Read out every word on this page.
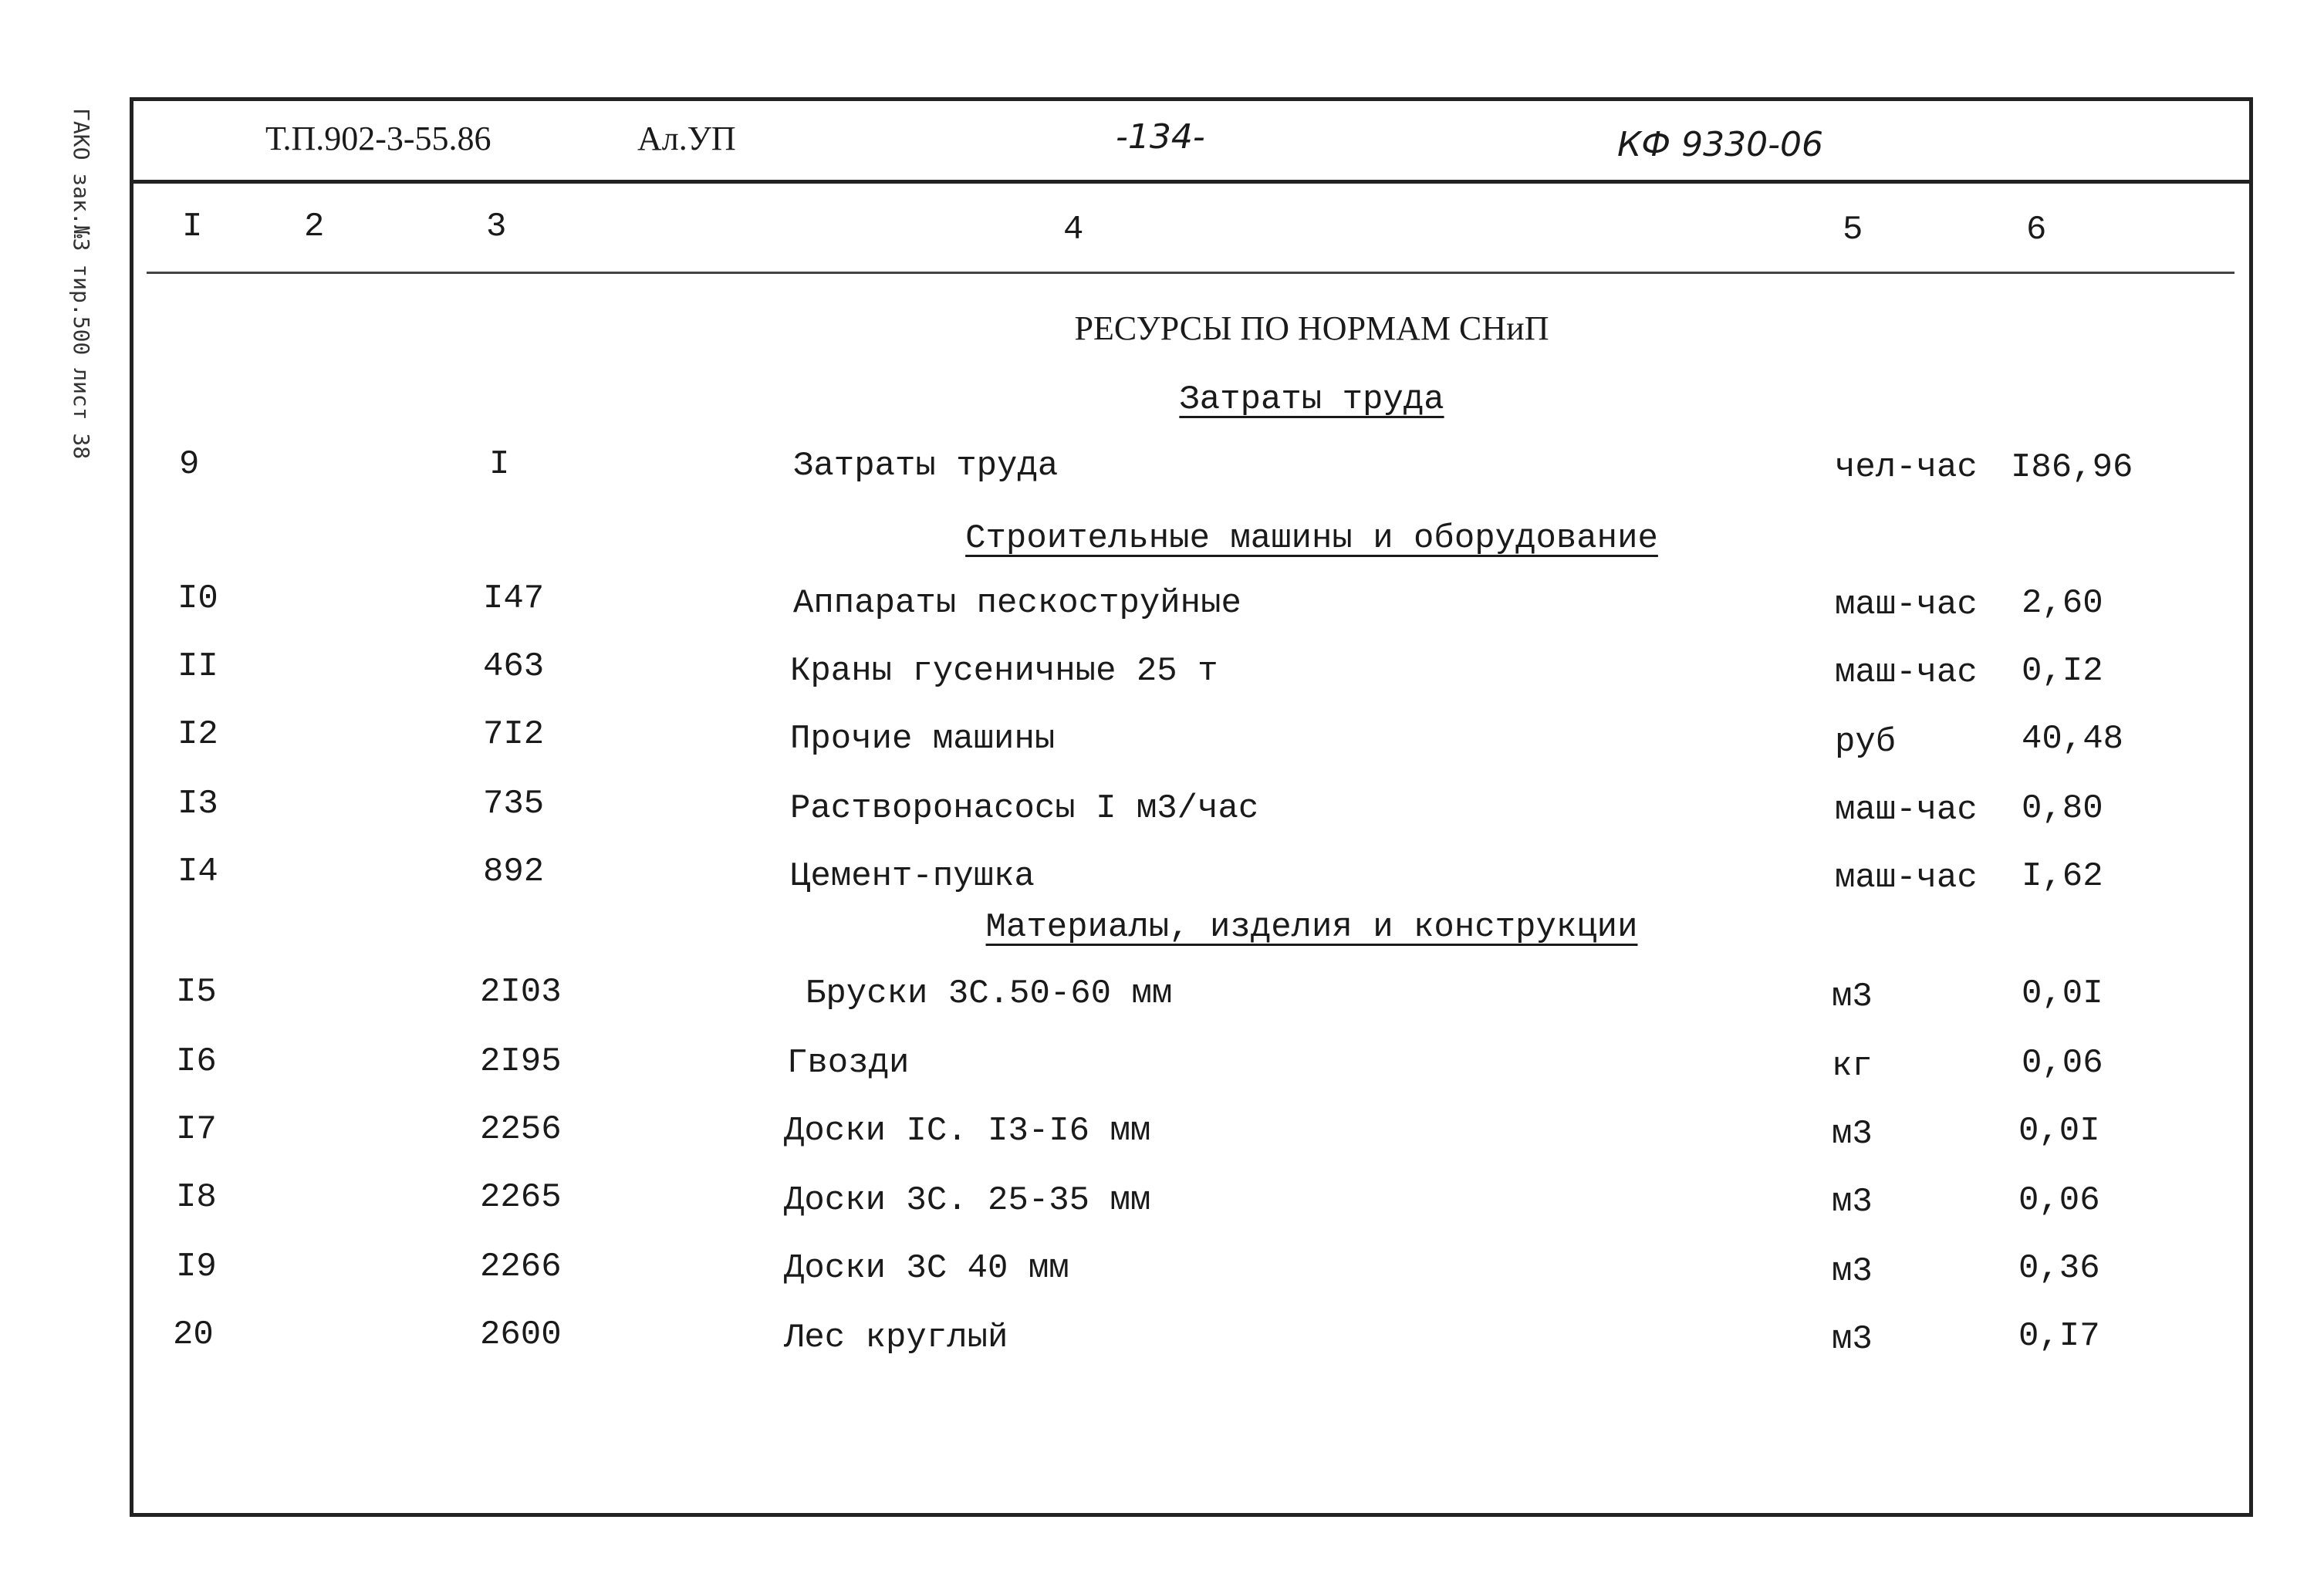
ГАКО зак.№3 тир.500 лист 38	Т.П.902-3-55.86	Ал.УП	-134-	КФ 9330-06
I	2	3	4	5	6
РЕСУРСЫ ПО НОРМАМ СНиП
Затраты труда
9	I	Затраты труда	чел-час I86,96
Строительные машины и оборудование
I0	I47	Аппараты пескоструйные	маш-час 2,60
II	463	Краны гусеничные 25 т	маш-час 0,I2
I2	7I2	Прочие машины	руб	40,48
I3	735	Растворонасосы I м3/час	маш-час 0,80
I4	892	Цемент-пушка	маш-час I,62
Материалы, изделия и конструкции
I5	2I03	Бруски 3С.50-60 мм	м3	0,0I
I6	2I95	Гвозди	кг	0,06
I7	2256	Доски IС. I3-I6 мм	м3	0,0I
I8	2265	Доски 3С. 25-35 мм	м3	0,06
I9	2266	Доски 3С 40 мм	м3	0,36
20	2600	Лес круглый	м3	0,I7
